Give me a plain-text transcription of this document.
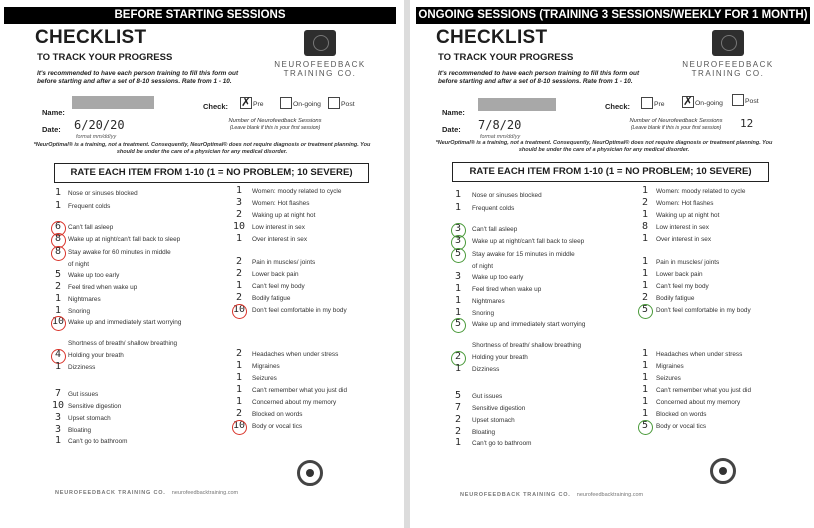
BEFORE STARTING SESSIONS
CHECKLIST
TO TRACK YOUR PROGRESS
It's recommended to have each person training to fill this form out before starting and after a set of 8-10 sessions. Rate from 1 - 10.
NEUROFEEDBACK TRAINING CO.
Name:
Date: 6/20/20
format mm/dd/yy
Check: ✗ Pre	On-going	Post
Number of Neurofeedback Sessions
(Leave blank if this is your first session)
*NeurOptimal® is a training, not a treatment. Consequently, NeurOptimal® does not require diagnosis or treatment planning. You should be under the care of a physician for any medical disorder.
RATE EACH ITEM FROM 1-10 (1 = NO PROBLEM; 10 SEVERE)
1	Nose or sinuses blocked
1	Frequent colds
6	Can't fall asleep
8	Wake up at night/can't fall back to sleep
8	Stay awake for 60 minutes in middle
of night
5	Wake up too early
2	Feel tired when wake up
1	Nightmares
1	Snoring
10 Wake up and immediately start worrying
Shortness of breath/ shallow breathing
4	Holding your breath
1	Dizziness
7	Gut issues
10 Sensitive digestion
3	Upset stomach
3	Bloating
1	Can't go to bathroom
1	Women: moody related to cycle
3	Women: Hot flashes
2	Waking up at night hot
10 Low interest in sex
1	Over interest in sex
2	Pain in muscles/ joints
2	Lower back pain
1	Can't feel my body
2	Bodily fatigue
10 Don't feel comfortable in my body
2	Headaches when under stress
1	Migraines
1	Seizures
1	Can't remember what you just did
1	Concerned about my memory
2	Blocked on words
10 Body or vocal tics
NEUROFEEDBACK TRAINING CO. neurofeedbacktraining.com
ONGOING SESSIONS (TRAINING 3 SESSIONS/WEEKLY FOR 1 MONTH)
CHECKLIST
TO TRACK YOUR PROGRESS
It's recommended to have each person training to fill this form out before starting and after a set of 8-10 sessions. Rate from 1 - 10.
NEUROFEEDBACK TRAINING CO.
Name:
Date: 7/8/20
format mm/dd/yy
Check:	Pre ✗ On-going	Post
Number of Neurofeedback Sessions
(Leave blank if this is your first session)	12
*NeurOptimal® is a training, not a treatment. Consequently, NeurOptimal® does not require diagnosis or treatment planning. You should be under the care of a physician for any medical disorder.
RATE EACH ITEM FROM 1-10 (1 = NO PROBLEM; 10 SEVERE)
1	Nose or sinuses blocked
1	Frequent colds
3	Can't fall asleep
3	Wake up at night/can't fall back to sleep
5	Stay awake for 15 minutes in middle
of night
3	Wake up too early
1	Feel tired when wake up
1	Nightmares
1	Snoring
5	Wake up and immediately start worrying
Shortness of breath/ shallow breathing
2	Holding your breath
1	Dizziness
5	Gut issues
7	Sensitive digestion
2	Upset stomach
2	Bloating
1	Can't go to bathroom
1	Women: moody related to cycle
2	Women: Hot flashes
1	Waking up at night hot
8	Low interest in sex
1	Over interest in sex
1	Pain in muscles/ joints
1	Lower back pain
1	Can't feel my body
2	Bodily fatigue
5	Don't feel comfortable in my body
1	Headaches when under stress
1	Migraines
1	Seizures
1	Can't remember what you just did
1	Concerned about my memory
1	Blocked on words
5	Body or vocal tics
NEUROFEEDBACK TRAINING CO. neurofeedbacktraining.com
